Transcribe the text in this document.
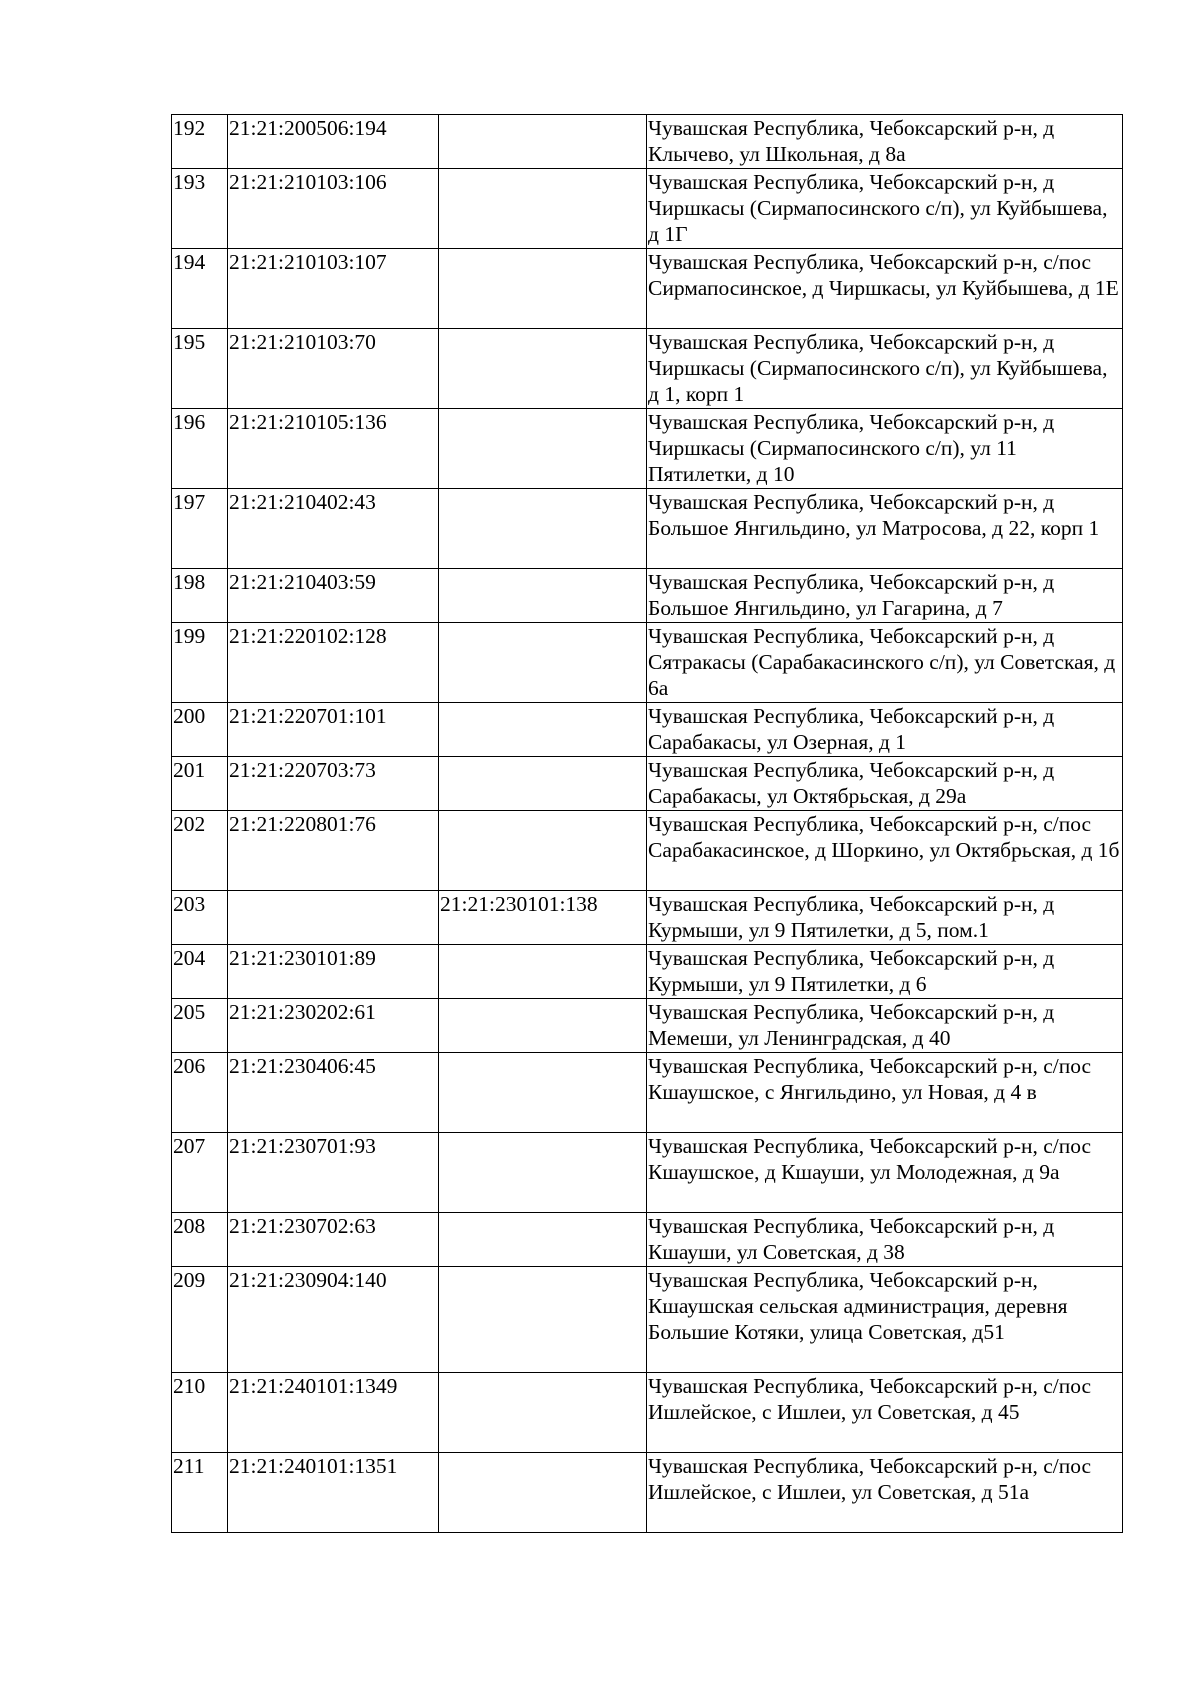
192	21:21:200506:194		Чувашская Республика, Чебоксарский р-н, д Клычево, ул Школьная, д 8а
193	21:21:210103:106		Чувашская Республика, Чебоксарский р-н, д Чиршкасы (Сирмапосинского с/п), ул Куйбышева, д 1Г
194	21:21:210103:107		Чувашская Республика, Чебоксарский р-н, с/пос Сирмапосинское, д Чиршкасы, ул Куйбышева, д 1Е
195	21:21:210103:70		Чувашская Республика, Чебоксарский р-н, д Чиршкасы (Сирмапосинского с/п), ул Куйбышева, д 1, корп 1
196	21:21:210105:136		Чувашская Республика, Чебоксарский р-н, д Чиршкасы (Сирмапосинского с/п), ул 11 Пятилетки, д 10
197	21:21:210402:43		Чувашская Республика, Чебоксарский р-н, д Большое Янгильдино, ул Матросова, д 22, корп 1
198	21:21:210403:59		Чувашская Республика, Чебоксарский р-н, д Большое Янгильдино, ул Гагарина, д 7
199	21:21:220102:128		Чувашская Республика, Чебоксарский р-н, д Сятракасы (Сарабакасинского с/п), ул Советская, д 6а
200	21:21:220701:101		Чувашская Республика, Чебоксарский р-н, д Сарабакасы, ул Озерная, д 1
201	21:21:220703:73		Чувашская Республика, Чебоксарский р-н, д Сарабакасы, ул Октябрьская, д 29а
202	21:21:220801:76		Чувашская Республика, Чебоксарский р-н, с/пос Сарабакасинское, д Шоркино, ул Октябрьская, д 1б
203		21:21:230101:138	Чувашская Республика, Чебоксарский р-н, д Курмыши, ул 9 Пятилетки, д 5, пом.1
204	21:21:230101:89		Чувашская Республика, Чебоксарский р-н, д Курмыши, ул 9 Пятилетки, д 6
205	21:21:230202:61		Чувашская Республика, Чебоксарский р-н, д Мемеши, ул Ленинградская, д 40
206	21:21:230406:45		Чувашская Республика, Чебоксарский р-н, с/пос Кшаушское, с Янгильдино, ул Новая, д 4 в
207	21:21:230701:93		Чувашская Республика, Чебоксарский р-н, с/пос Кшаушское, д Кшауши, ул Молодежная, д 9а
208	21:21:230702:63		Чувашская Республика, Чебоксарский р-н, д Кшауши, ул Советская, д 38
209	21:21:230904:140		Чувашская Республика, Чебоксарский р-н, Кшаушская сельская администрация, деревня Большие Котяки, улица Советская, д51
210	21:21:240101:1349		Чувашская Республика, Чебоксарский р-н, с/пос Ишлейское, с Ишлеи, ул Советская, д 45
211	21:21:240101:1351		Чувашская Республика, Чебоксарский р-н, с/пос Ишлейское, с Ишлеи, ул Советская, д 51а
